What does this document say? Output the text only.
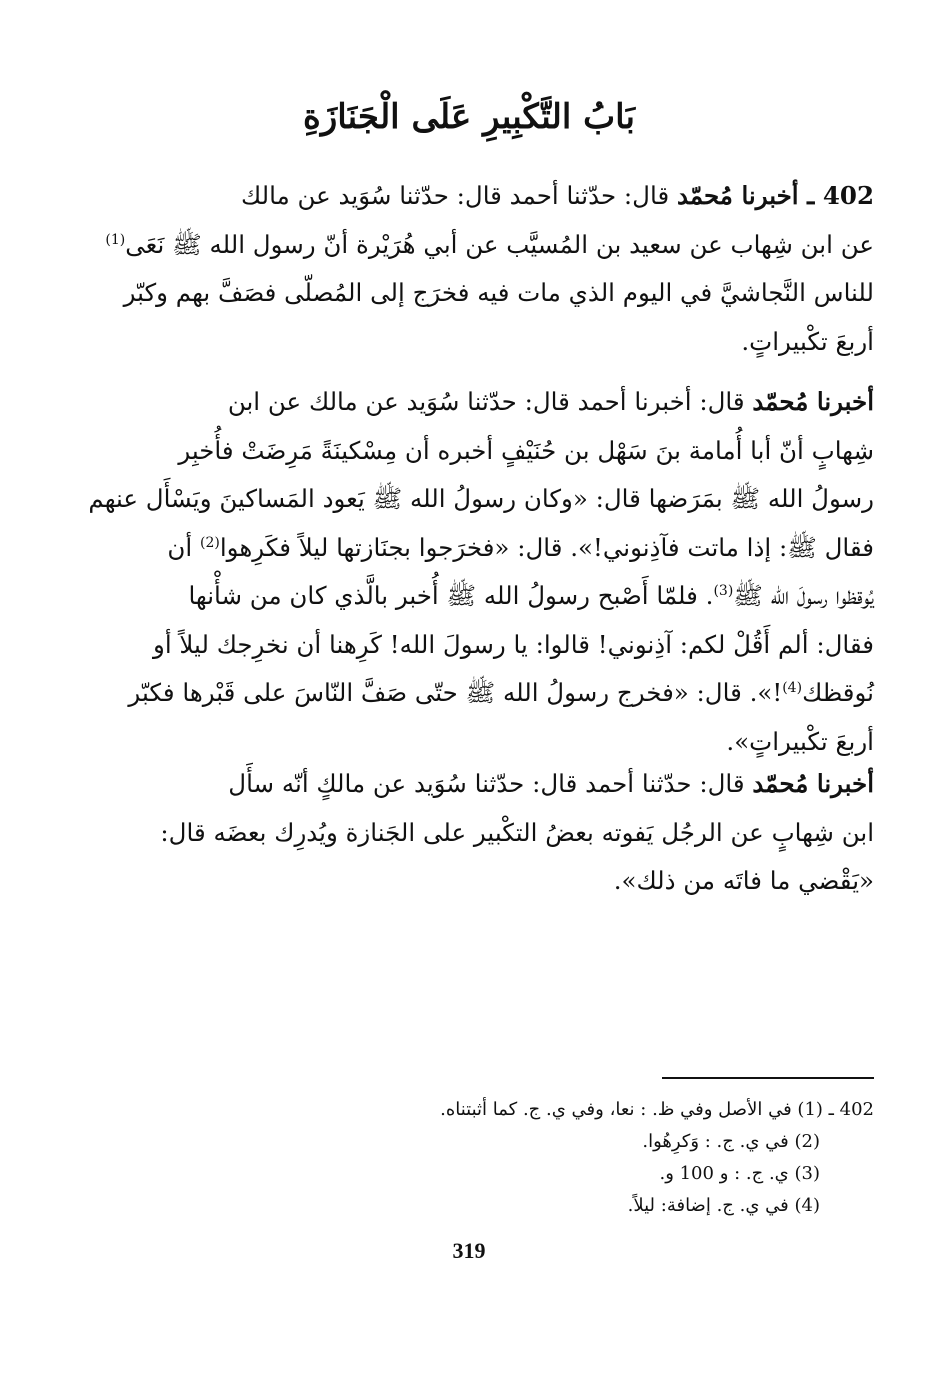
بَابُ التَّكْبِيرِ عَلَى الْجَنَازَةِ
402 ـ أخبرنا مُحمّد قال: حدّثنا أحمد قال: حدّثنا سُوَيد عن مالك
عن ابن شِهاب عن سعيد بن المُسيَّب عن أبي هُرَيْرة أنّ رسول الله ﷺ نَعَى$^{(1)}$
للناس النَّجاشيَّ في اليوم الذي مات فيه فخرَج إلى المُصلّى فصَفَّ بهم وكبّر
أربعَ تكْبيراتٍ.
أخبرنا مُحمّد قال: أخبرنا أحمد قال: حدّثنا سُوَيد عن مالك عن ابن
شِهابٍ أنّ أبا أُمامة بنَ سَهْل بن حُنَيْفٍ أخبره أن مِسْكينَةً مَرِضَتْ فأُخبِر
رسولُ الله ﷺ بمَرَضها قال: «وكان رسولُ الله ﷺ يَعود المَساكينَ ويَسْأَل عنهم
فقال ﷺ: إذا ماتت فآذِنوني!». قال: «فخرَجوا بجنَازتها ليلاً فكَرِهوا$^{(2)}$ أن
يُوقظوا رسولَ الله ﷺ$^{(3)}$. فلمّا أَصْبح رسولُ الله ﷺ أُخبر بالَّذي كان من شأْنها
فقال: ألم أَقُلْ لكم: آذِنوني! قالوا: يا رسولَ الله! كَرِهنا أن نخرِجك ليلاً أو
نُوقظك$^{(4)}$!». قال: «فخرج رسولُ الله ﷺ حتّى صَفَّ النّاسَ على قَبْرها فكبّر
أربعَ تكْبيراتٍ».
أخبرنا مُحمّد قال: حدّثنا أحمد قال: حدّثنا سُوَيد عن مالكٍ أنّه سأَل
ابن شِهابٍ عن الرجُل يَفوته بعضُ التكْبير على الجَنازة ويُدرِك بعضَه قال:
«يَقْضي ما فاتَه من ذلك».
402 ـ (1) في الأصل وفي ظ. : نعا، وفي ي. ج. كما أثبتناه.
(2) في ي. ج. : وَكرِهُوا.
(3) ي. ج. : و 100 و.
(4) في ي. ج. إضافة: ليلاً.
319
